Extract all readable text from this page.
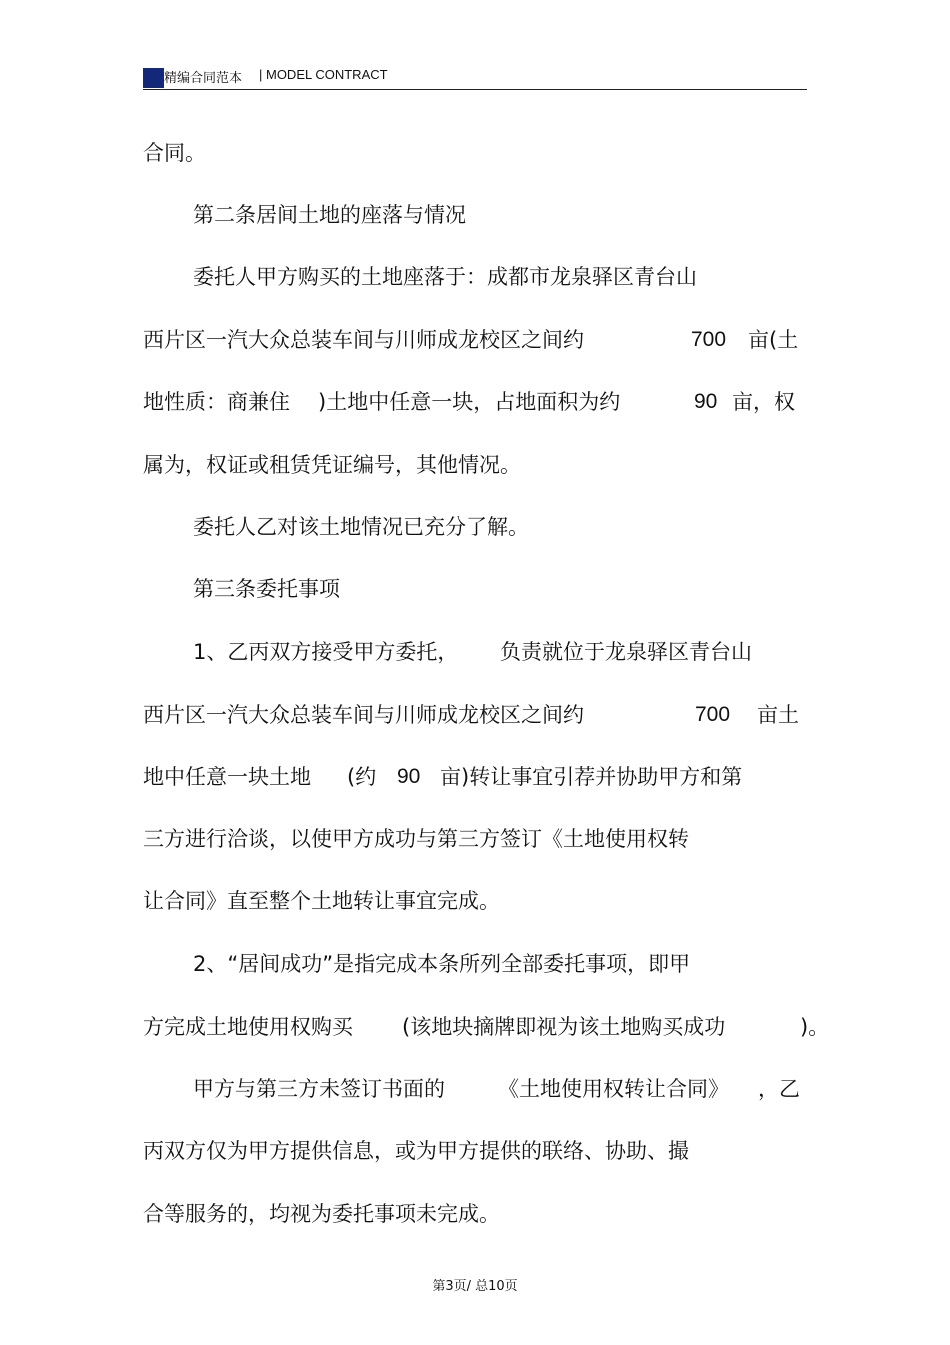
精编合同范本 | MODEL CONTRACT
合同。
第二条居间土地的座落与情况
委托人甲方购买的土地座落于：成都市龙泉驿区青台山
西片区一汽大众总装车间与川师成龙校区之间约	700 亩(土
地性质：商兼住 )土地中任意一块，占地面积为约	90 亩，权
属为，权证或租赁凭证编号，其他情况。
委托人乙对该土地情况已充分了解。
第三条委托事项
1、乙丙双方接受甲方委托， 负责就位于龙泉驿区青台山
西片区一汽大众总装车间与川师成龙校区之间约	700 亩土
地中任意一块土地 (约 90 亩)转让事宜引荐并协助甲方和第
三方进行洽谈，以使甲方成功与第三方签订《土地使用权转
让合同》直至整个土地转让事宜完成。
2、“居间成功”是指完成本条所列全部委托事项，即甲
方完成土地使用权购买 (该地块摘牌即视为该土地购买成功	)。
甲方与第三方未签订书面的	《土地使用权转让合同》 ，乙
丙双方仅为甲方提供信息，或为甲方提供的联络、协助、撮
合等服务的，均视为委托事项未完成。
第3页/ 总10页
